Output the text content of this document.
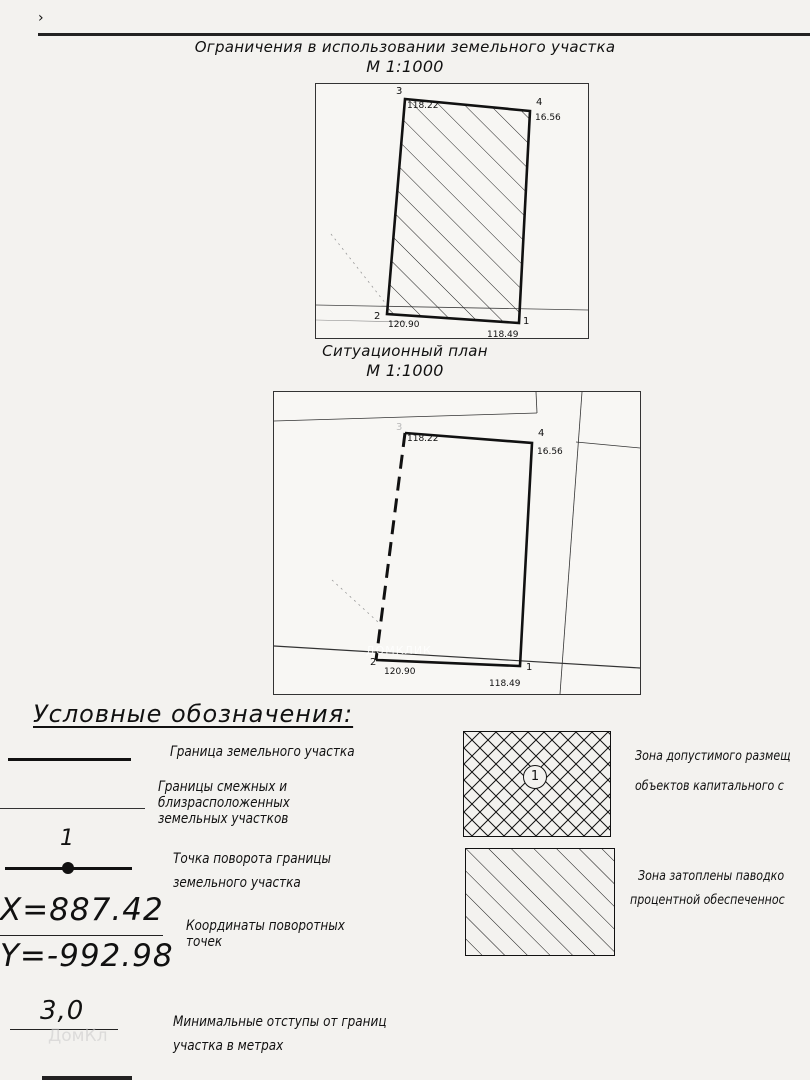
›
Ограничения в использовании земельного участка
М 1:1000
3
118.22	4
16.56
2
120.90	1
118.49
Ситуационный план
М 1:1000
ДОМКЛИК
3
118.22	4
16.56
2
120.90	1
118.49
Условные обозначения:
Граница земельного участка
Границы смежных и близрасположенных земельных участков
1
Точка поворота границы земельного участка
X=887.42
Y=-992.98
Координаты поворотных точек
3,0
ДомКл
Минимальные отступы от границ участка в метрах
1
Зона допустимого размещ
объектов капитального с
Зона затоплены паводко
процентной обеспеченнос
